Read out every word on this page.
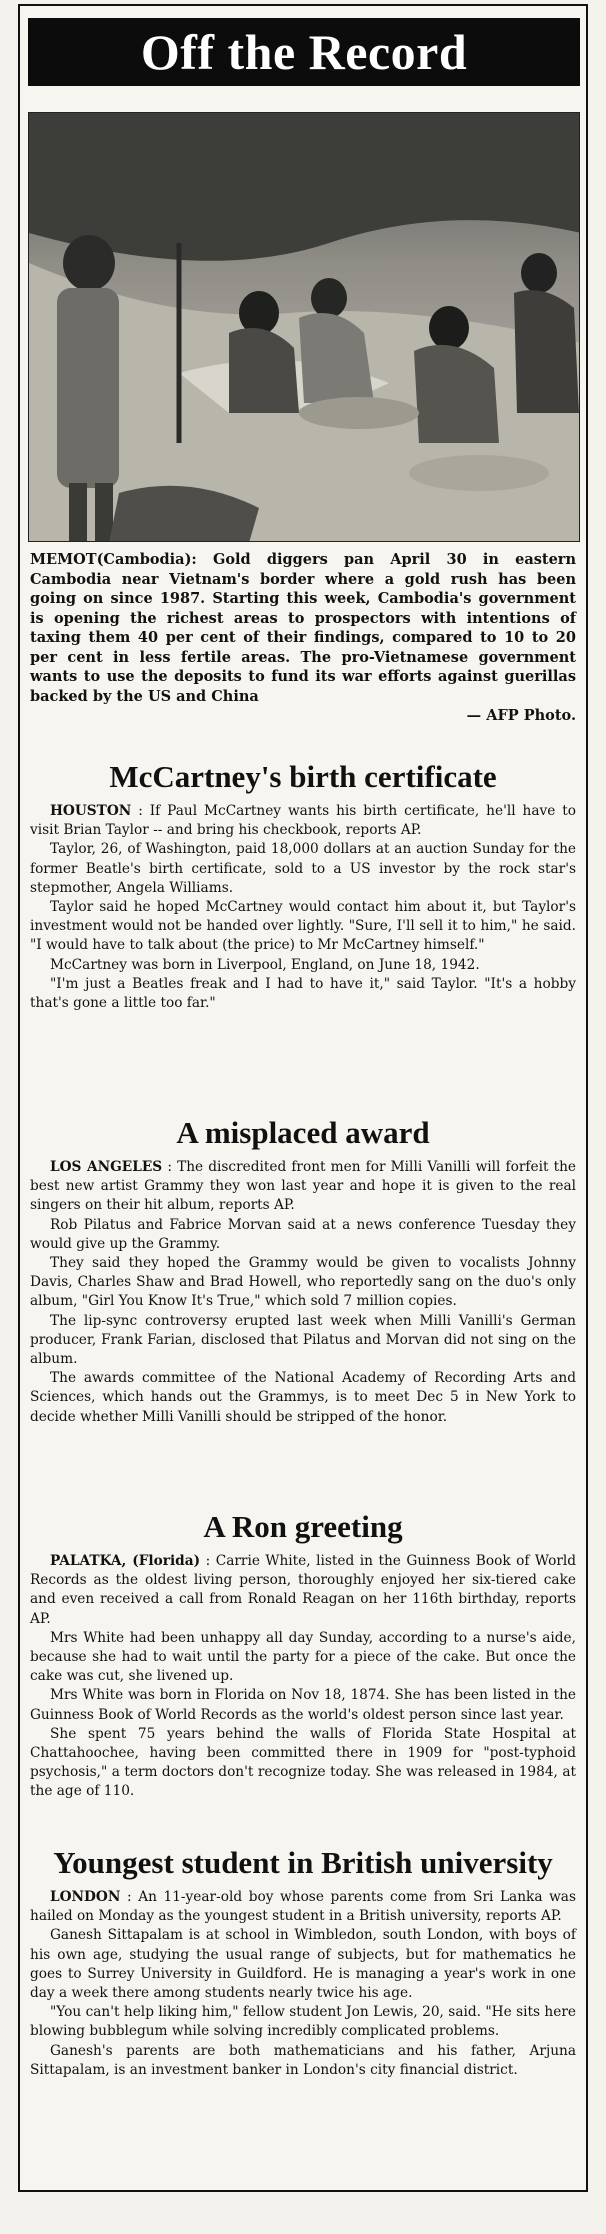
Off the Record
MEMOT(Cambodia): Gold diggers pan April 30 in eastern Cambodia near Vietnam's border where a gold rush has been going on since 1987. Starting this week, Cambodia's government is opening the richest areas to prospectors with intentions of taxing them 40 per cent of their findings, compared to 10 to 20 per cent in less fertile areas. The pro-Vietnamese government wants to use the deposits to fund its war efforts against guerillas backed by the US and China
— AFP Photo.
McCartney's birth certificate

HOUSTON : If Paul McCartney wants his birth certificate, he'll have to visit Brian Taylor -- and bring his checkbook, reports AP.

Taylor, 26, of Washington, paid 18,000 dollars at an auction Sunday for the former Beatle's birth certificate, sold to a US investor by the rock star's stepmother, Angela Williams.

Taylor said he hoped McCartney would contact him about it, but Taylor's investment would not be handed over lightly. "Sure, I'll sell it to him," he said. "I would have to talk about (the price) to Mr McCartney himself."

McCartney was born in Liverpool, England, on June 18, 1942.

"I'm just a Beatles freak and I had to have it," said Taylor. "It's a hobby that's gone a little too far."

A misplaced award

LOS ANGELES : The discredited front men for Milli Vanilli will forfeit the best new artist Grammy they won last year and hope it is given to the real singers on their hit album, reports AP.

Rob Pilatus and Fabrice Morvan said at a news conference Tuesday they would give up the Grammy.

They said they hoped the Grammy would be given to vocalists Johnny Davis, Charles Shaw and Brad Howell, who reportedly sang on the duo's only album, "Girl You Know It's True," which sold 7 million copies.

The lip-sync controversy erupted last week when Milli Vanilli's German producer, Frank Farian, disclosed that Pilatus and Morvan did not sing on the album.

The awards committee of the National Academy of Recording Arts and Sciences, which hands out the Grammys, is to meet Dec 5 in New York to decide whether Milli Vanilli should be stripped of the honor.

A Ron greeting

PALATKA, (Florida) : Carrie White, listed in the Guinness Book of World Records as the oldest living person, thoroughly enjoyed her six-tiered cake and even received a call from Ronald Reagan on her 116th birthday, reports AP.

Mrs White had been unhappy all day Sunday, according to a nurse's aide, because she had to wait until the party for a piece of the cake. But once the cake was cut, she livened up.

Mrs White was born in Florida on Nov 18, 1874. She has been listed in the Guinness Book of World Records as the world's oldest person since last year.

She spent 75 years behind the walls of Florida State Hospital at Chattahoochee, having been committed there in 1909 for "post-typhoid psychosis," a term doctors don't recognize today. She was released in 1984, at the age of 110.

Youngest student in British university

LONDON : An 11-year-old boy whose parents come from Sri Lanka was hailed on Monday as the youngest student in a British university, reports AP.

Ganesh Sittapalam is at school in Wimbledon, south London, with boys of his own age, studying the usual range of subjects, but for mathematics he goes to Surrey University in Guildford. He is managing a year's work in one day a week there among students nearly twice his age.

"You can't help liking him," fellow student Jon Lewis, 20, said. "He sits here blowing bubblegum while solving incredibly complicated problems.

Ganesh's parents are both mathematicians and his father, Arjuna Sittapalam, is an investment banker in London's city financial district.
